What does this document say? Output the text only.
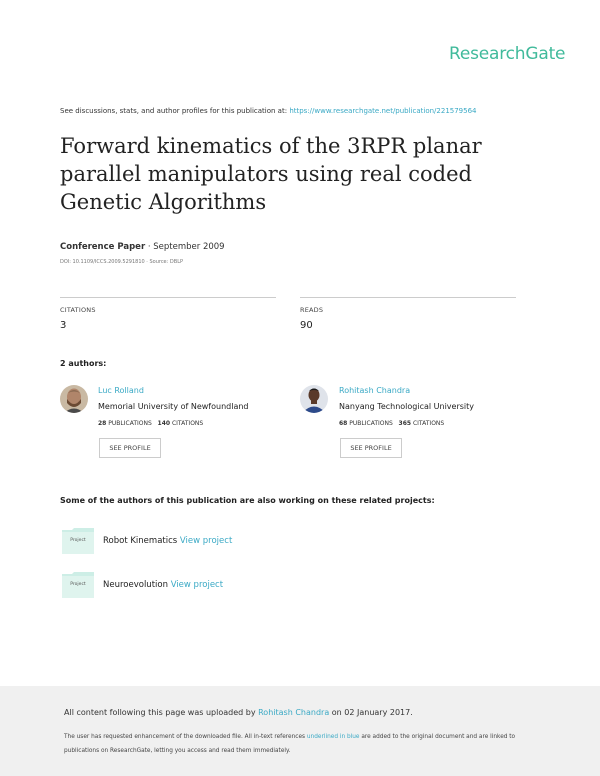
ResearchGate
See discussions, stats, and author profiles for this publication at: https://www.researchgate.net/publication/221579564
Forward kinematics of the 3RPR planar parallel manipulators using real coded Genetic Algorithms
Conference Paper · September 2009
DOI: 10.1109/ICCS.2009.5291810 · Source: DBLP
CITATIONS
3
READS
90
2 authors:
Luc Rolland
Memorial University of Newfoundland
28 PUBLICATIONS 140 CITATIONS
SEE PROFILE
Rohitash Chandra
Nanyang Technological University
68 PUBLICATIONS 365 CITATIONS
SEE PROFILE
Some of the authors of this publication are also working on these related projects:
Project	Robot Kinematics View project
Project	Neuroevolution View project
All content following this page was uploaded by Rohitash Chandra on 02 January 2017.
The user has requested enhancement of the downloaded file. All in-text references underlined in blue are added to the original document and are linked to publications on ResearchGate, letting you access and read them immediately.
